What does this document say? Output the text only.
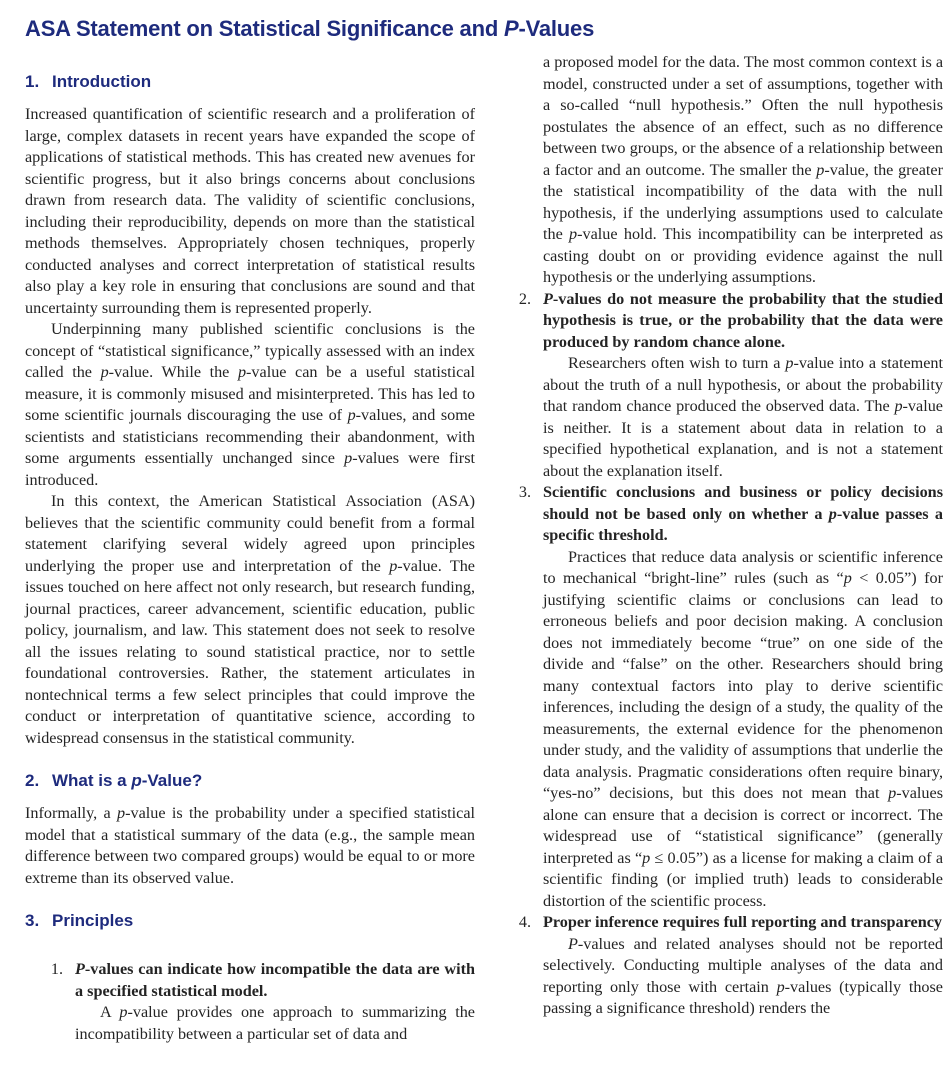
ASA Statement on Statistical Significance and P-Values
1. Introduction

Increased quantification of scientific research and a proliferation of large, complex datasets in recent years have expanded the scope of applications of statistical methods. This has created new avenues for scientific progress, but it also brings concerns about conclusions drawn from research data. The validity of scientific conclusions, including their reproducibility, depends on more than the statistical methods themselves. Appropriately chosen techniques, properly conducted analyses and correct interpretation of statistical results also play a key role in ensuring that conclusions are sound and that uncertainty surrounding them is represented properly.

Underpinning many published scientific conclusions is the concept of “statistical significance,” typically assessed with an index called the p-value. While the p-value can be a useful statistical measure, it is commonly misused and misinterpreted. This has led to some scientific journals discouraging the use of p-values, and some scientists and statisticians recommending their abandonment, with some arguments essentially unchanged since p-values were first introduced.

In this context, the American Statistical Association (ASA) believes that the scientific community could benefit from a formal statement clarifying several widely agreed upon principles underlying the proper use and interpretation of the p-value. The issues touched on here affect not only research, but research funding, journal practices, career advancement, scientific education, public policy, journalism, and law. This statement does not seek to resolve all the issues relating to sound statistical practice, nor to settle foundational controversies. Rather, the statement articulates in nontechnical terms a few select principles that could improve the conduct or interpretation of quantitative science, according to widespread consensus in the statistical community.

2. What is a p-Value?

Informally, a p-value is the probability under a specified statistical model that a statistical summary of the data (e.g., the sample mean difference between two compared groups) would be equal to or more extreme than its observed value.

3. Principles
1. P-values can indicate how incompatible the data are with a specified statistical model.
A p-value provides one approach to summarizing the incompatibility between a particular set of data and

a proposed model for the data. The most common context is a model, constructed under a set of assumptions, together with a so-called “null hypothesis.” Often the null hypothesis postulates the absence of an effect, such as no difference between two groups, or the absence of a relationship between a factor and an outcome. The smaller the p-value, the greater the statistical incompatibility of the data with the null hypothesis, if the underlying assumptions used to calculate the p-value hold. This incompatibility can be interpreted as casting doubt on or providing evidence against the null hypothesis or the underlying assumptions.

2. P-values do not measure the probability that the studied hypothesis is true, or the probability that the data were produced by random chance alone.
Researchers often wish to turn a p-value into a statement about the truth of a null hypothesis, or about the probability that random chance produced the observed data. The p-value is neither. It is a statement about data in relation to a specified hypothetical explanation, and is not a statement about the explanation itself.
3. Scientific conclusions and business or policy decisions should not be based only on whether a p-value passes a specific threshold.
Practices that reduce data analysis or scientific inference to mechanical “bright-line” rules (such as “p < 0.05”) for justifying scientific claims or conclusions can lead to erroneous beliefs and poor decision making. A conclusion does not immediately become “true” on one side of the divide and “false” on the other. Researchers should bring many contextual factors into play to derive scientific inferences, including the design of a study, the quality of the measurements, the external evidence for the phenomenon under study, and the validity of assumptions that underlie the data analysis. Pragmatic considerations often require binary, “yes-no” decisions, but this does not mean that p-values alone can ensure that a decision is correct or incorrect. The widespread use of “statistical significance” (generally interpreted as “p ≤ 0.05”) as a license for making a claim of a scientific finding (or implied truth) leads to considerable distortion of the scientific process.
4. Proper inference requires full reporting and transparency
P-values and related analyses should not be reported selectively. Conducting multiple analyses of the data and reporting only those with certain p-values (typically those passing a significance threshold) renders the
